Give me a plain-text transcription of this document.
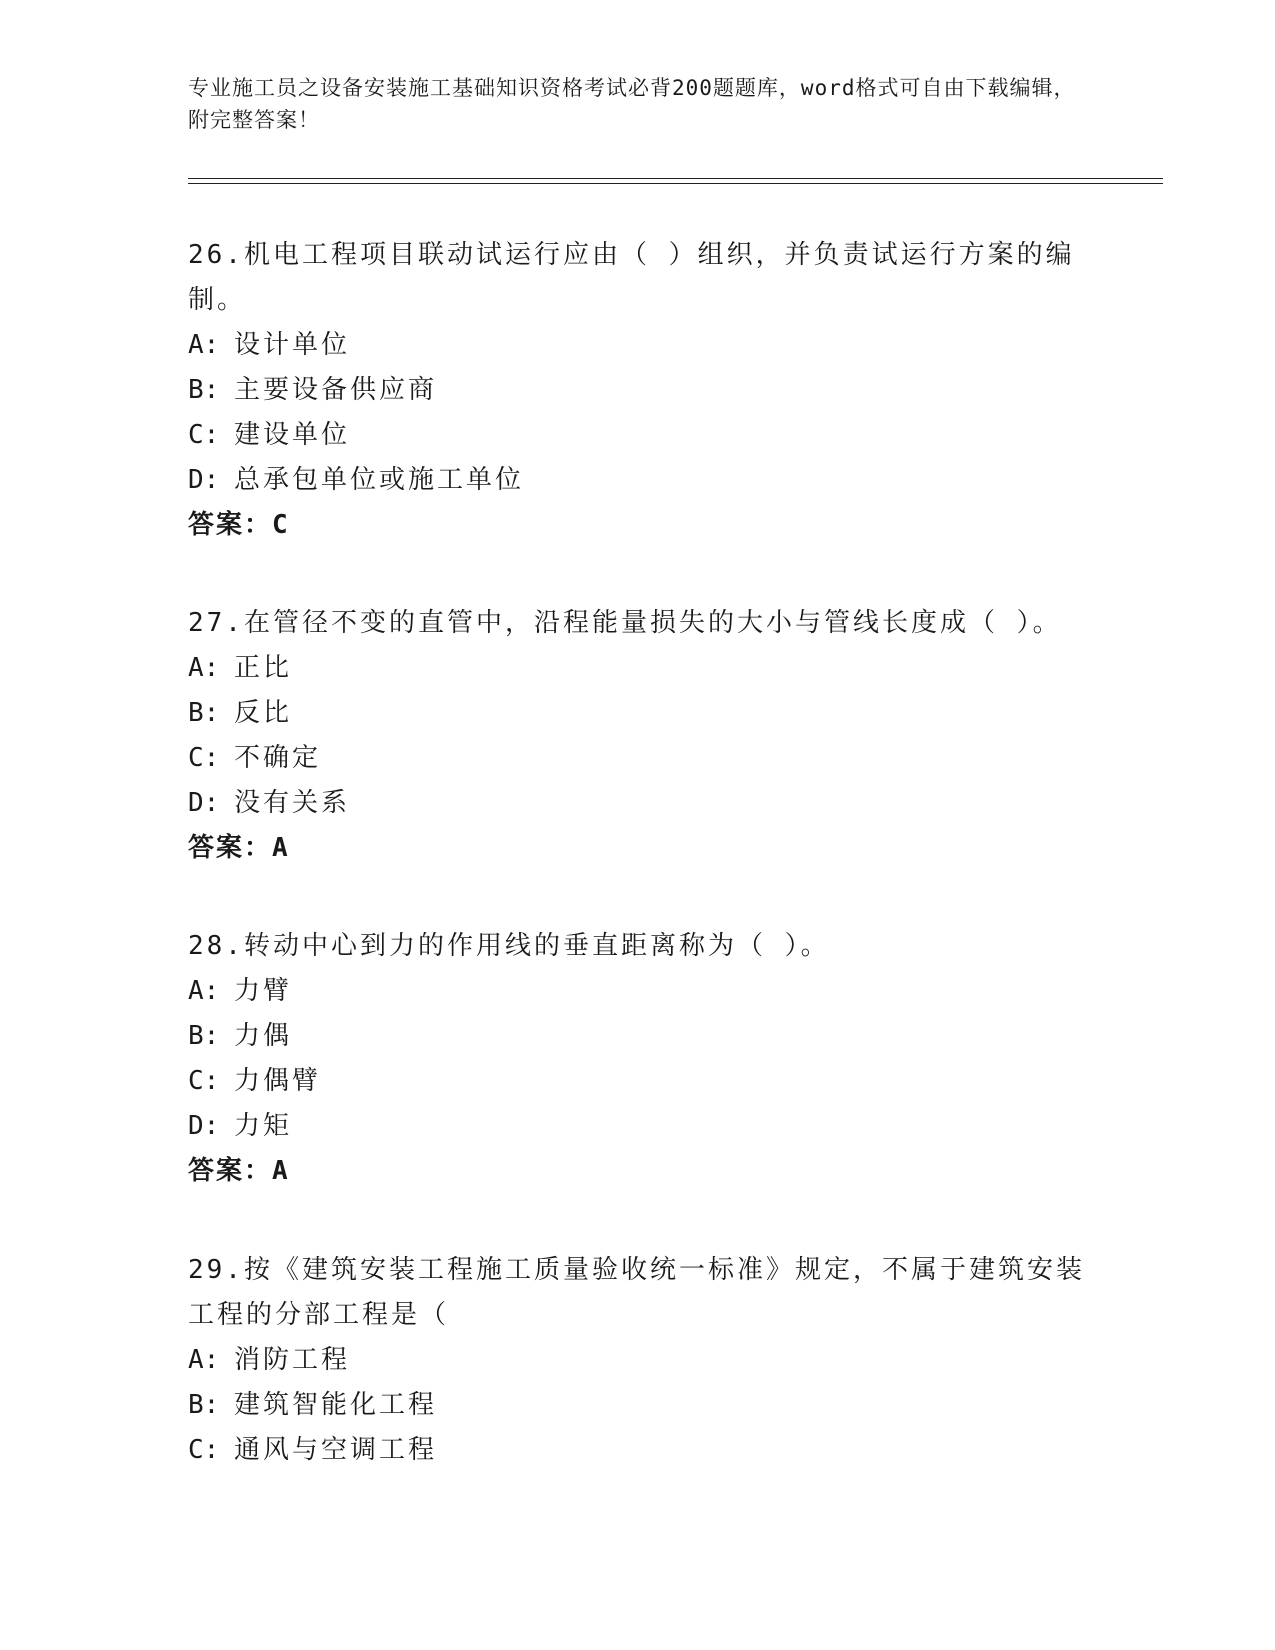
专业施工员之设备安装施工基础知识资格考试必背200题题库，word格式可自由下载编辑，附完整答案！

26.机电工程项目联动试运行应由（ ）组织，并负责试运行方案的编制。

A: 设计单位
B: 主要设备供应商
C: 建设单位
D: 总承包单位或施工单位
答案：C

27.在管径不变的直管中，沿程能量损失的大小与管线长度成（ ）。

A: 正比
B: 反比
C: 不确定
D: 没有关系
答案：A

28.转动中心到力的作用线的垂直距离称为（ ）。

A: 力臂
B: 力偶
C: 力偶臂
D: 力矩
答案：A

29.按《建筑安装工程施工质量验收统一标准》规定，不属于建筑安装工程的分部工程是（

A: 消防工程
B: 建筑智能化工程
C: 通风与空调工程
